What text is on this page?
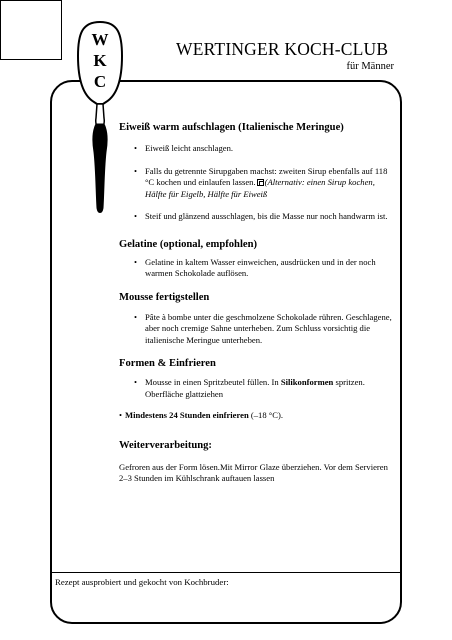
W
K
C
WERTINGER KOCH-CLUB
für Männer
Eiweiß warm aufschlagen (Italienische Meringue)
• Eiweiß leicht anschlagen.
• Falls du getrennte Sirupgaben machst: zweiten Sirup ebenfalls auf 118 °C kochen und einlaufen lassen. (Alternativ: einen Sirup kochen, Hälfte für Eigelb, Hälfte für Eiweiß
• Steif und glänzend ausschlagen, bis die Masse nur noch handwarm ist.
Gelatine (optional, empfohlen)
• Gelatine in kaltem Wasser einweichen, ausdrücken und in der noch warmen Schokolade auflösen.
Mousse fertigstellen
• Pâte à bombe unter die geschmolzene Schokolade rühren. Geschlagene, aber noch cremige Sahne unterheben. Zum Schluss vorsichtig die italienische Meringue unterheben.
Formen & Einfrieren
• Mousse in einen Spritzbeutel füllen. In Silikonformen spritzen. Oberfläche glattziehen
• Mindestens 24 Stunden einfrieren (–18 °C).
Weiterverarbeitung:

Gefroren aus der Form lösen.Mit Mirror Glaze überziehen. Vor dem Servieren 2–3 Stunden im Kühlschrank auftauen lassen

Rezept ausprobiert und gekocht von Kochbruder:
